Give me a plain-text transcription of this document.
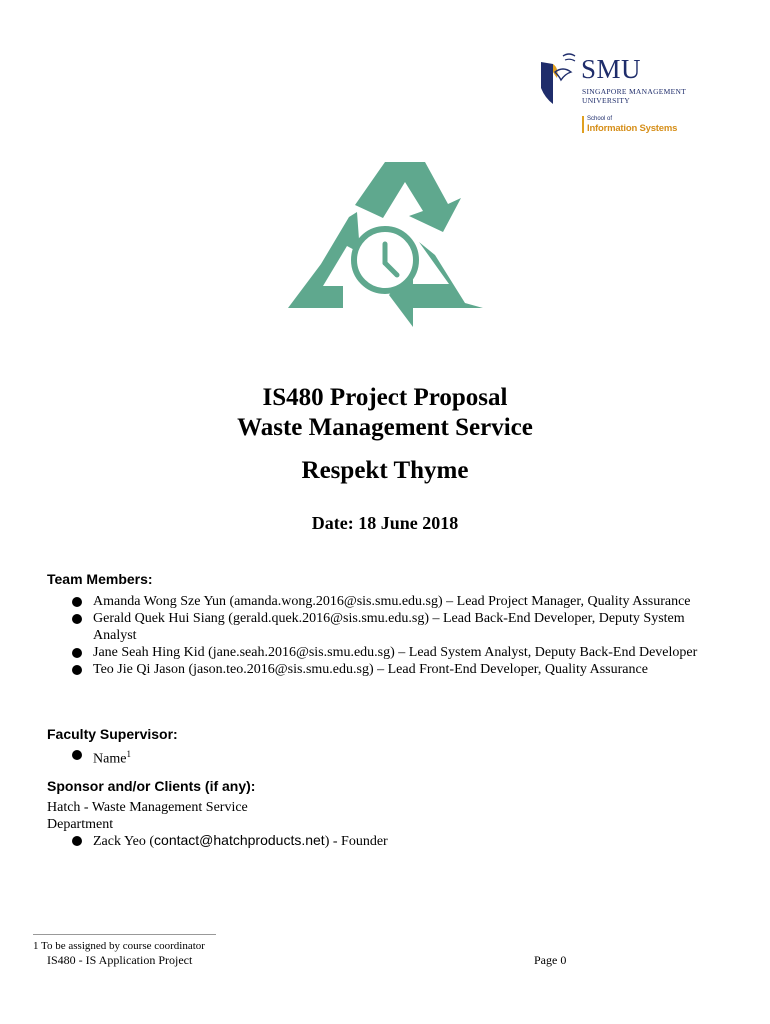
SMU
SINGAPORE MANAGEMENT
UNIVERSITY
School of
Information Systems
IS480 Project Proposal
Waste Management Service
Respekt Thyme
Date: 18 June 2018
Team Members:
Amanda Wong Sze Yun (amanda.wong.2016@sis.smu.edu.sg) – Lead Project Manager, Quality Assurance
Gerald Quek Hui Siang (gerald.quek.2016@sis.smu.edu.sg) – Lead Back-End Developer, Deputy System Analyst
Jane Seah Hing Kid (jane.seah.2016@sis.smu.edu.sg) – Lead System Analyst, Deputy Back-End Developer
Teo Jie Qi Jason (jason.teo.2016@sis.smu.edu.sg) – Lead Front-End Developer, Quality Assurance
Faculty Supervisor:
Name$^1$
Sponsor and/or Clients (if any):
Hatch - Waste Management Service
Department
Zack Yeo (contact@hatchproducts.net) - Founder
1 To be assigned by course coordinator
IS480 - IS Application Project	Page 0
